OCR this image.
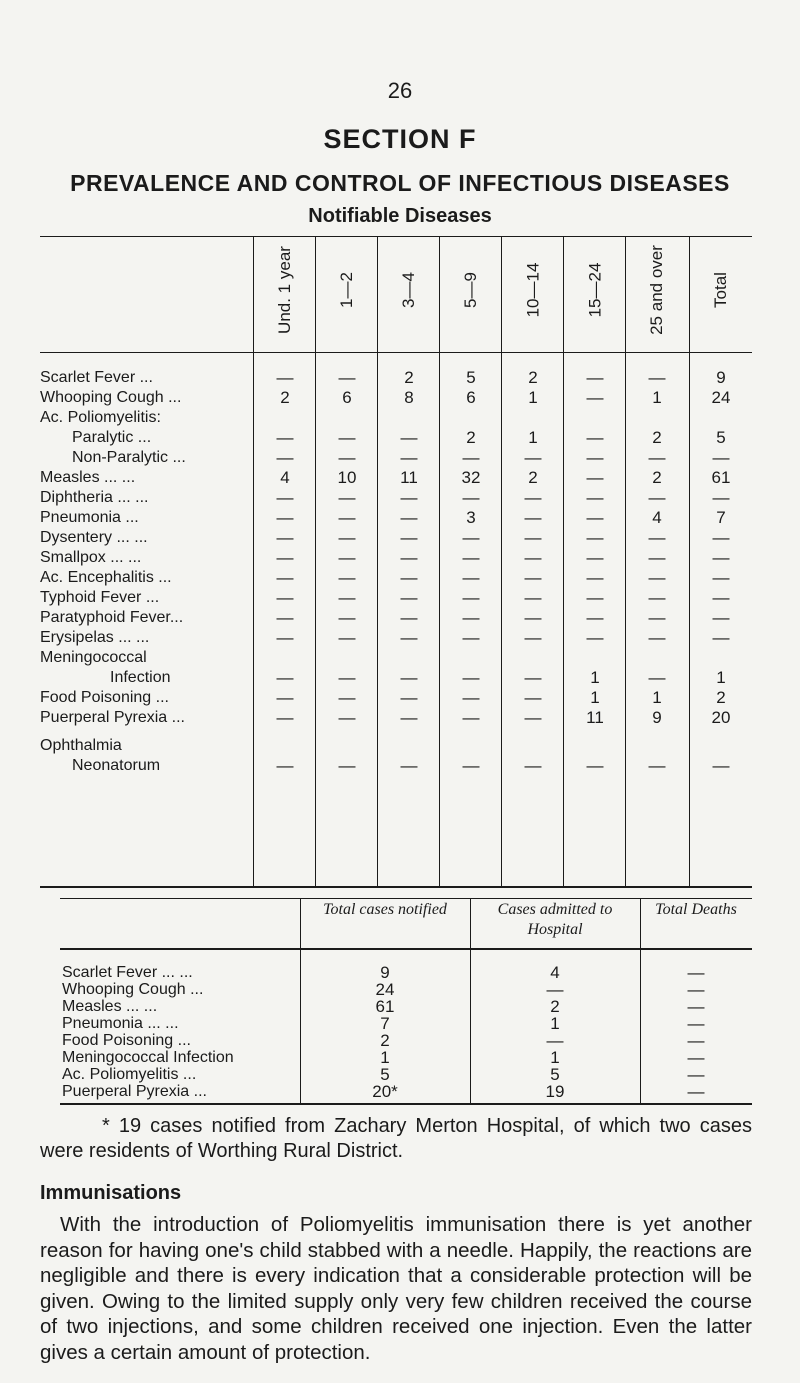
26
SECTION F
PREVALENCE AND CONTROL OF INFECTIOUS DISEASES
Notifiable Diseases
Und. 1 year	1—2	3—4	5—9	10—14	15—24	25 and over	Total
Scarlet Fever ...	—	—	2	5	2	—	—	9
Whooping Cough ...	2	6	8	6	1	—	1	24
Ac. Poliomyelitis:
Paralytic ...	—	—	—	2	1	—	2	5
Non-Paralytic ...	—	—	—	—	—	—	—	—
Measles ... ...	4	10	11	32	2	—	2	61
Diphtheria ... ...	—	—	—	—	—	—	—	—
Pneumonia ...	—	—	—	3	—	—	4	7
Dysentery ... ...	—	—	—	—	—	—	—	—
Smallpox ... ...	—	—	—	—	—	—	—	—
Ac. Encephalitis ...	—	—	—	—	—	—	—	—
Typhoid Fever ...	—	—	—	—	—	—	—	—
Paratyphoid Fever...	—	—	—	—	—	—	—	—
Erysipelas ... ...	—	—	—	—	—	—	—	—
Meningococcal
Infection	—	—	—	—	—	1	—	1
Food Poisoning ...	—	—	—	—	—	1	1	2
Puerperal Pyrexia ...	—	—	—	—	—	11	9	20
Ophthalmia
Neonatorum	—	—	—	—	—	—	—	—
Total cases notified	Cases admitted to Hospital
Total Deaths
Scarlet Fever ... ...	9	4	—
Whooping Cough ...	24	—	—
Measles ... ...	61	2	—
Pneumonia ... ...	7	1	—
Food Poisoning ...	2	—	—
Meningococcal Infection	1	1	—
Ac. Poliomyelitis ...	5	5	—
Puerperal Pyrexia ...	20*	19	—
* 19 cases notified from Zachary Merton Hospital, of which two cases were residents of Worthing Rural District.
Immunisations
With the introduction of Poliomyelitis immunisation there is yet another reason for having one's child stabbed with a needle. Happily, the reactions are negligible and there is every indication that a considerable protection will be given. Owing to the limited supply only very few children received the course of two injections, and some children received one injection. Even the latter gives a certain amount of protection.
